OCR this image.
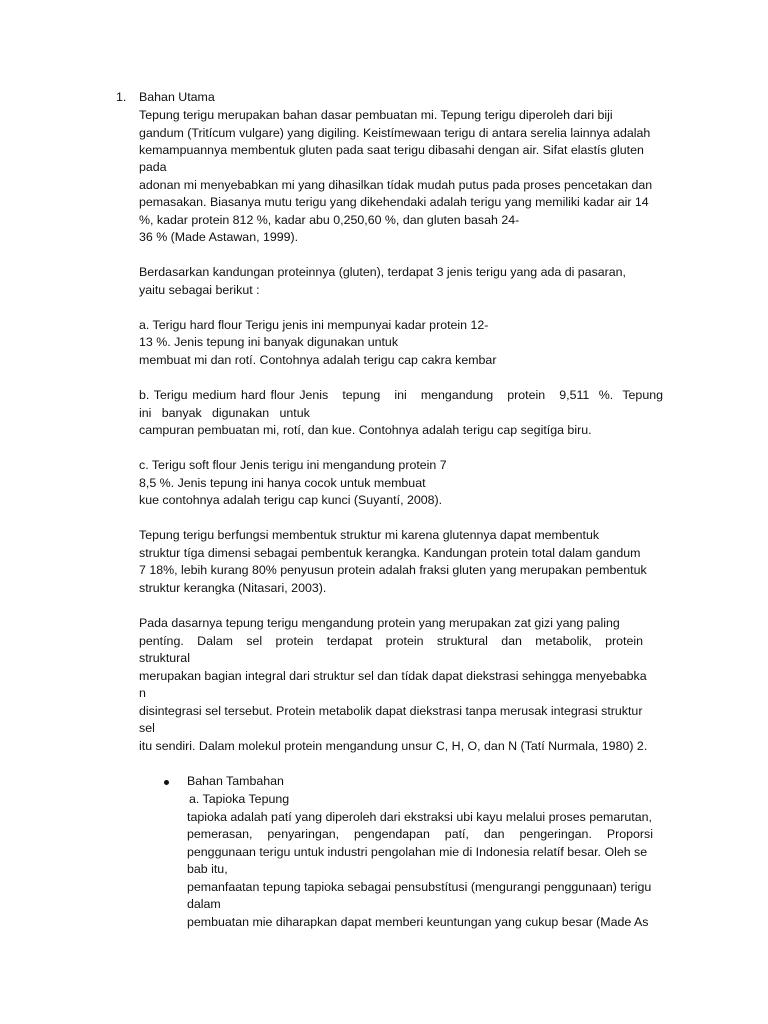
1. Bahan Utama
Tepung terigu merupakan bahan dasar pembuatan mi. Tepung terigu diperoleh dari biji
gandum (Tritícum vulgare) yang digiling. Keistímewaan terigu di antara serelia lainnya adalah
kemampuannya membentuk gluten pada saat terigu dibasahi dengan air. Sifat elastís gluten
pada
adonan mi menyebabkan mi yang dihasilkan tídak mudah putus pada proses pencetakan dan
pemasakan. Biasanya mutu terigu yang dikehendaki adalah terigu yang memiliki kadar air 14
%, kadar protein 812 %, kadar abu 0,250,60 %, dan gluten basah 24-
36 % (Made Astawan, 1999).
Berdasarkan kandungan proteinnya (gluten), terdapat 3 jenis terigu yang ada di pasaran,
yaitu sebagai berikut :
a. Terigu hard flour Terigu jenis ini mempunyai kadar protein 12-
13 %. Jenis tepung ini banyak digunakan untuk
membuat mi dan rotí. Contohnya adalah terigu cap cakra kembar
b. Terigu medium hard flour Jenis   tepung   ini   mengandung   protein   9,511  %.  Tepung
ini   banyak   digunakan   untuk
campuran pembuatan mi, rotí, dan kue. Contohnya adalah terigu cap segitíga biru.
c. Terigu soft flour Jenis terigu ini mengandung protein 7
8,5 %. Jenis tepung ini hanya cocok untuk membuat
kue contohnya adalah terigu cap kunci (Suyantí, 2008).
Tepung terigu berfungsi membentuk struktur mi karena glutennya dapat membentuk
struktur tíga dimensi sebagai pembentuk kerangka. Kandungan protein total dalam gandum
7 18%, lebih kurang 80% penyusun protein adalah fraksi gluten yang merupakan pembentuk
struktur kerangka (Nitasari, 2003).
Pada dasarnya tepung terigu mengandung protein yang merupakan zat gizi yang paling
pentíng.  Dalam  sel  protein  terdapat  protein  struktural  dan  metabolik,  protein
struktural
merupakan bagian integral dari struktur sel dan tídak dapat diekstrasi sehingga menyebabka
n
disintegrasi sel tersebut. Protein metabolik dapat diekstrasi tanpa merusak integrasi struktur
sel
itu sendiri. Dalam molekul protein mengandung unsur C, H, O, dan N (Tatí Nurmala, 1980) 2.
Bahan Tambahan
a. Tapioka Tepung
tapioka adalah patí yang diperoleh dari ekstraksi ubi kayu melalui proses pemarutan,
pemerasan,  penyaringan,  pengendapan  patí,  dan  pengeringan.  Proporsi
penggunaan terigu untuk industri pengolahan mie di Indonesia relatíf besar. Oleh se
bab itu,
pemanfaatan tepung tapioka sebagai pensubstítusi (mengurangi penggunaan) terigu
dalam
pembuatan mie diharapkan dapat memberi keuntungan yang cukup besar (Made As
